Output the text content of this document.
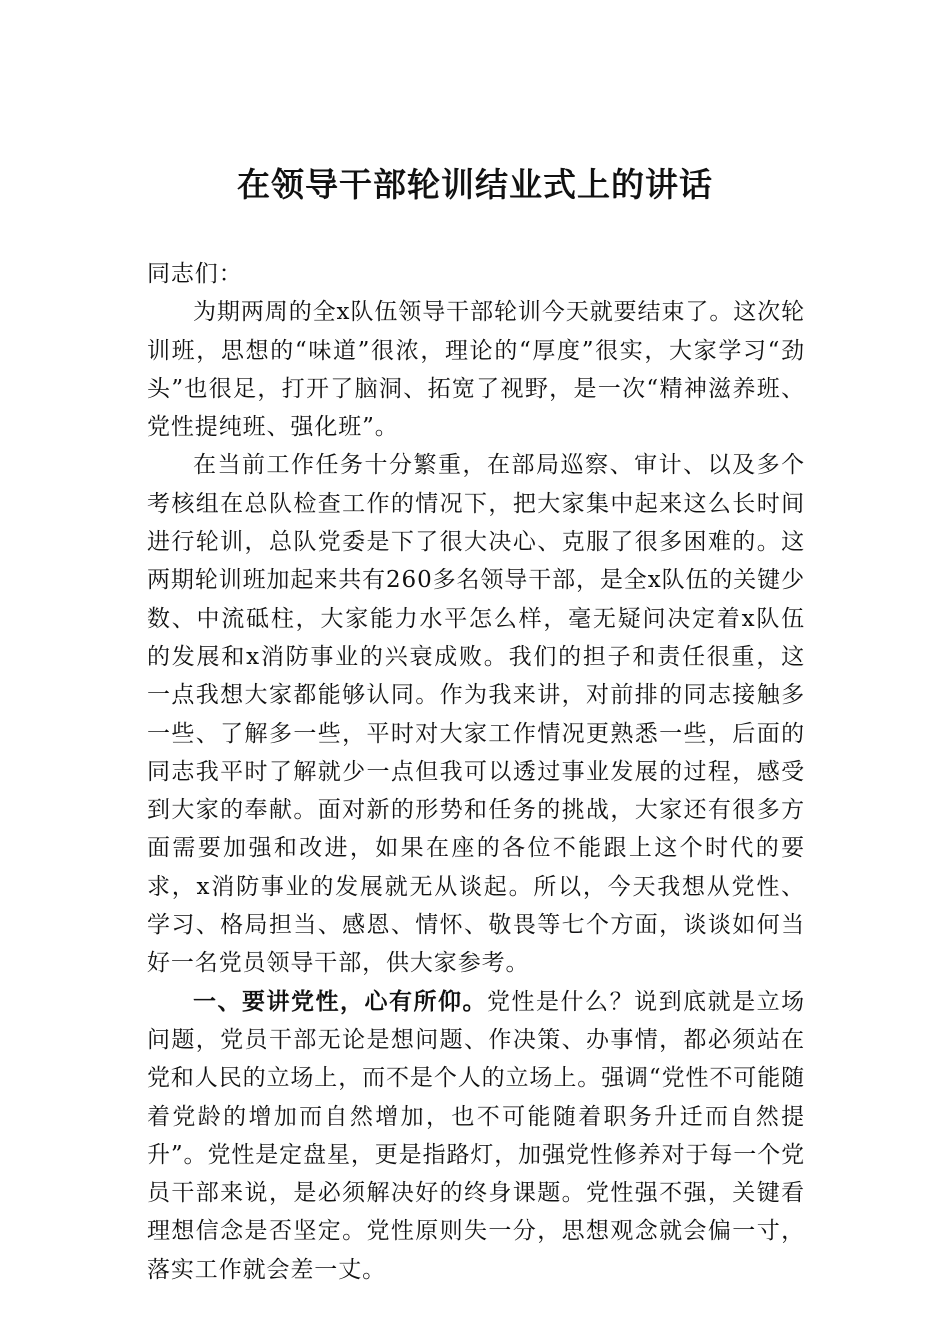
在领导干部轮训结业式上的讲话

同志们：

为期两周的全x队伍领导干部轮训今天就要结束了。这次轮训班，思想的“味道”很浓，理论的“厚度”很实，大家学习“劲头”也很足，打开了脑洞、拓宽了视野，是一次“精神滋养班、党性提纯班、强化班”。

在当前工作任务十分繁重，在部局巡察、审计、以及多个考核组在总队检查工作的情况下，把大家集中起来这么长时间进行轮训，总队党委是下了很大决心、克服了很多困难的。这两期轮训班加起来共有260多名领导干部，是全x队伍的关键少数、中流砥柱，大家能力水平怎么样，毫无疑问决定着x队伍的发展和x消防事业的兴衰成败。我们的担子和责任很重，这一点我想大家都能够认同。作为我来讲，对前排的同志接触多一些、了解多一些，平时对大家工作情况更熟悉一些，后面的同志我平时了解就少一点但我可以透过事业发展的过程，感受到大家的奉献。面对新的形势和任务的挑战，大家还有很多方面需要加强和改进，如果在座的各位不能跟上这个时代的要求，x消防事业的发展就无从谈起。所以，今天我想从党性、学习、格局担当、感恩、情怀、敬畏等七个方面，谈谈如何当好一名党员领导干部，供大家参考。

一、要讲党性，心有所仰。党性是什么？说到底就是立场问题，党员干部无论是想问题、作决策、办事情，都必须站在党和人民的立场上，而不是个人的立场上。强调“党性不可能随着党龄的增加而自然增加，也不可能随着职务升迁而自然提升”。党性是定盘星，更是指路灯，加强党性修养对于每一个党员干部来说，是必须解决好的终身课题。党性强不强，关键看理想信念是否坚定。党性原则失一分，思想观念就会偏一寸，落实工作就会差一丈。
